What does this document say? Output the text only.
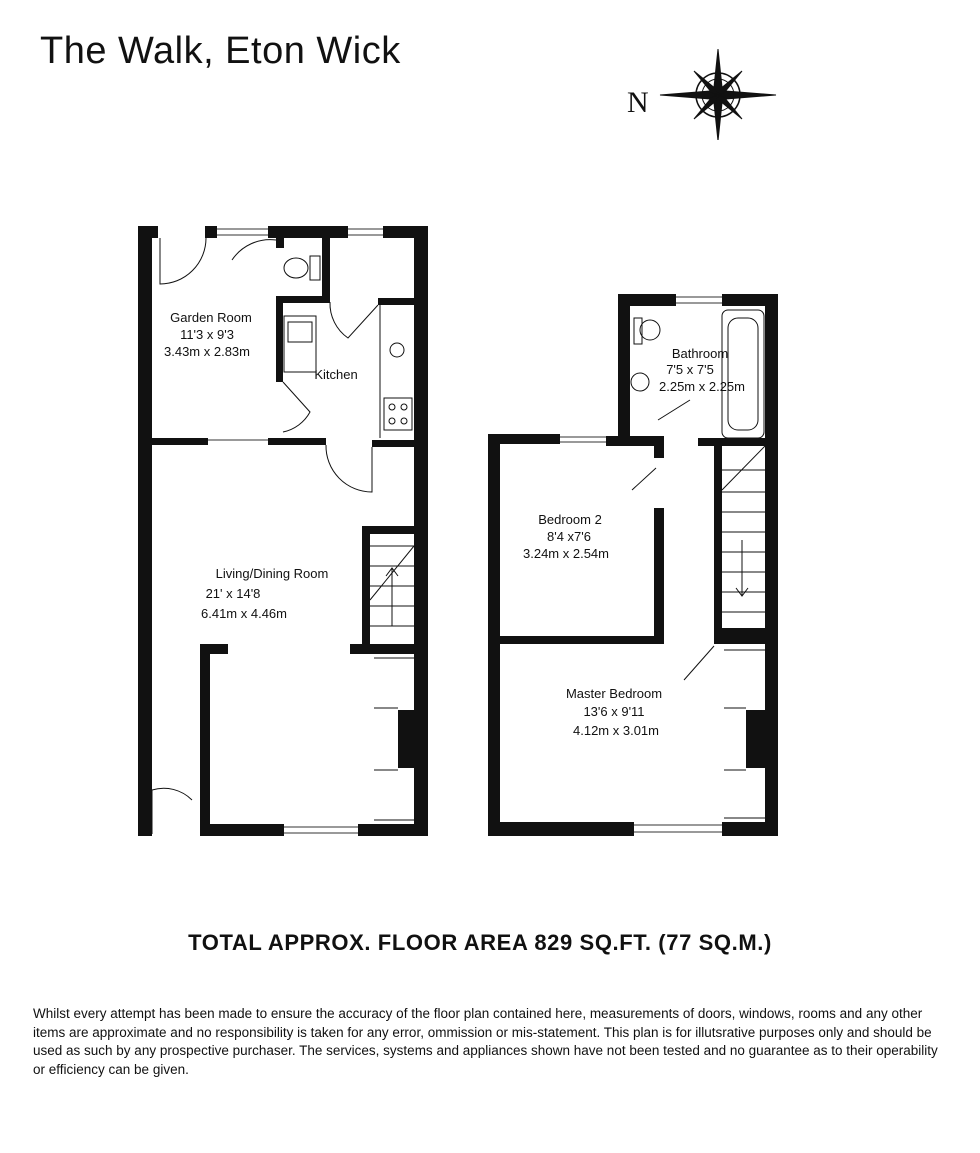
The Walk, Eton Wick
N
Garden Room
11'3 x 9'3
3.43m x 2.83m
Kitchen
Living/Dining Room
21' x 14'8
6.41m x 4.46m
Bathroom
7'5 x 7'5
2.25m x 2.25m
Bedroom 2
8'4 x7'6
3.24m x 2.54m
Master Bedroom
13'6 x 9'11
4.12m x 3.01m
TOTAL APPROX. FLOOR AREA 829 SQ.FT. (77 SQ.M.)
Whilst every attempt has been made to ensure the accuracy of the floor plan contained here, measurements of doors, windows, rooms and any other items are approximate and no responsibility is taken for any error, ommission or mis-statement. This plan is for illutsrative purposes only and should be used as such by any prospective purchaser. The services, systems and appliances shown have not been tested and no guarantee as to their operability or efficiency can be given.
